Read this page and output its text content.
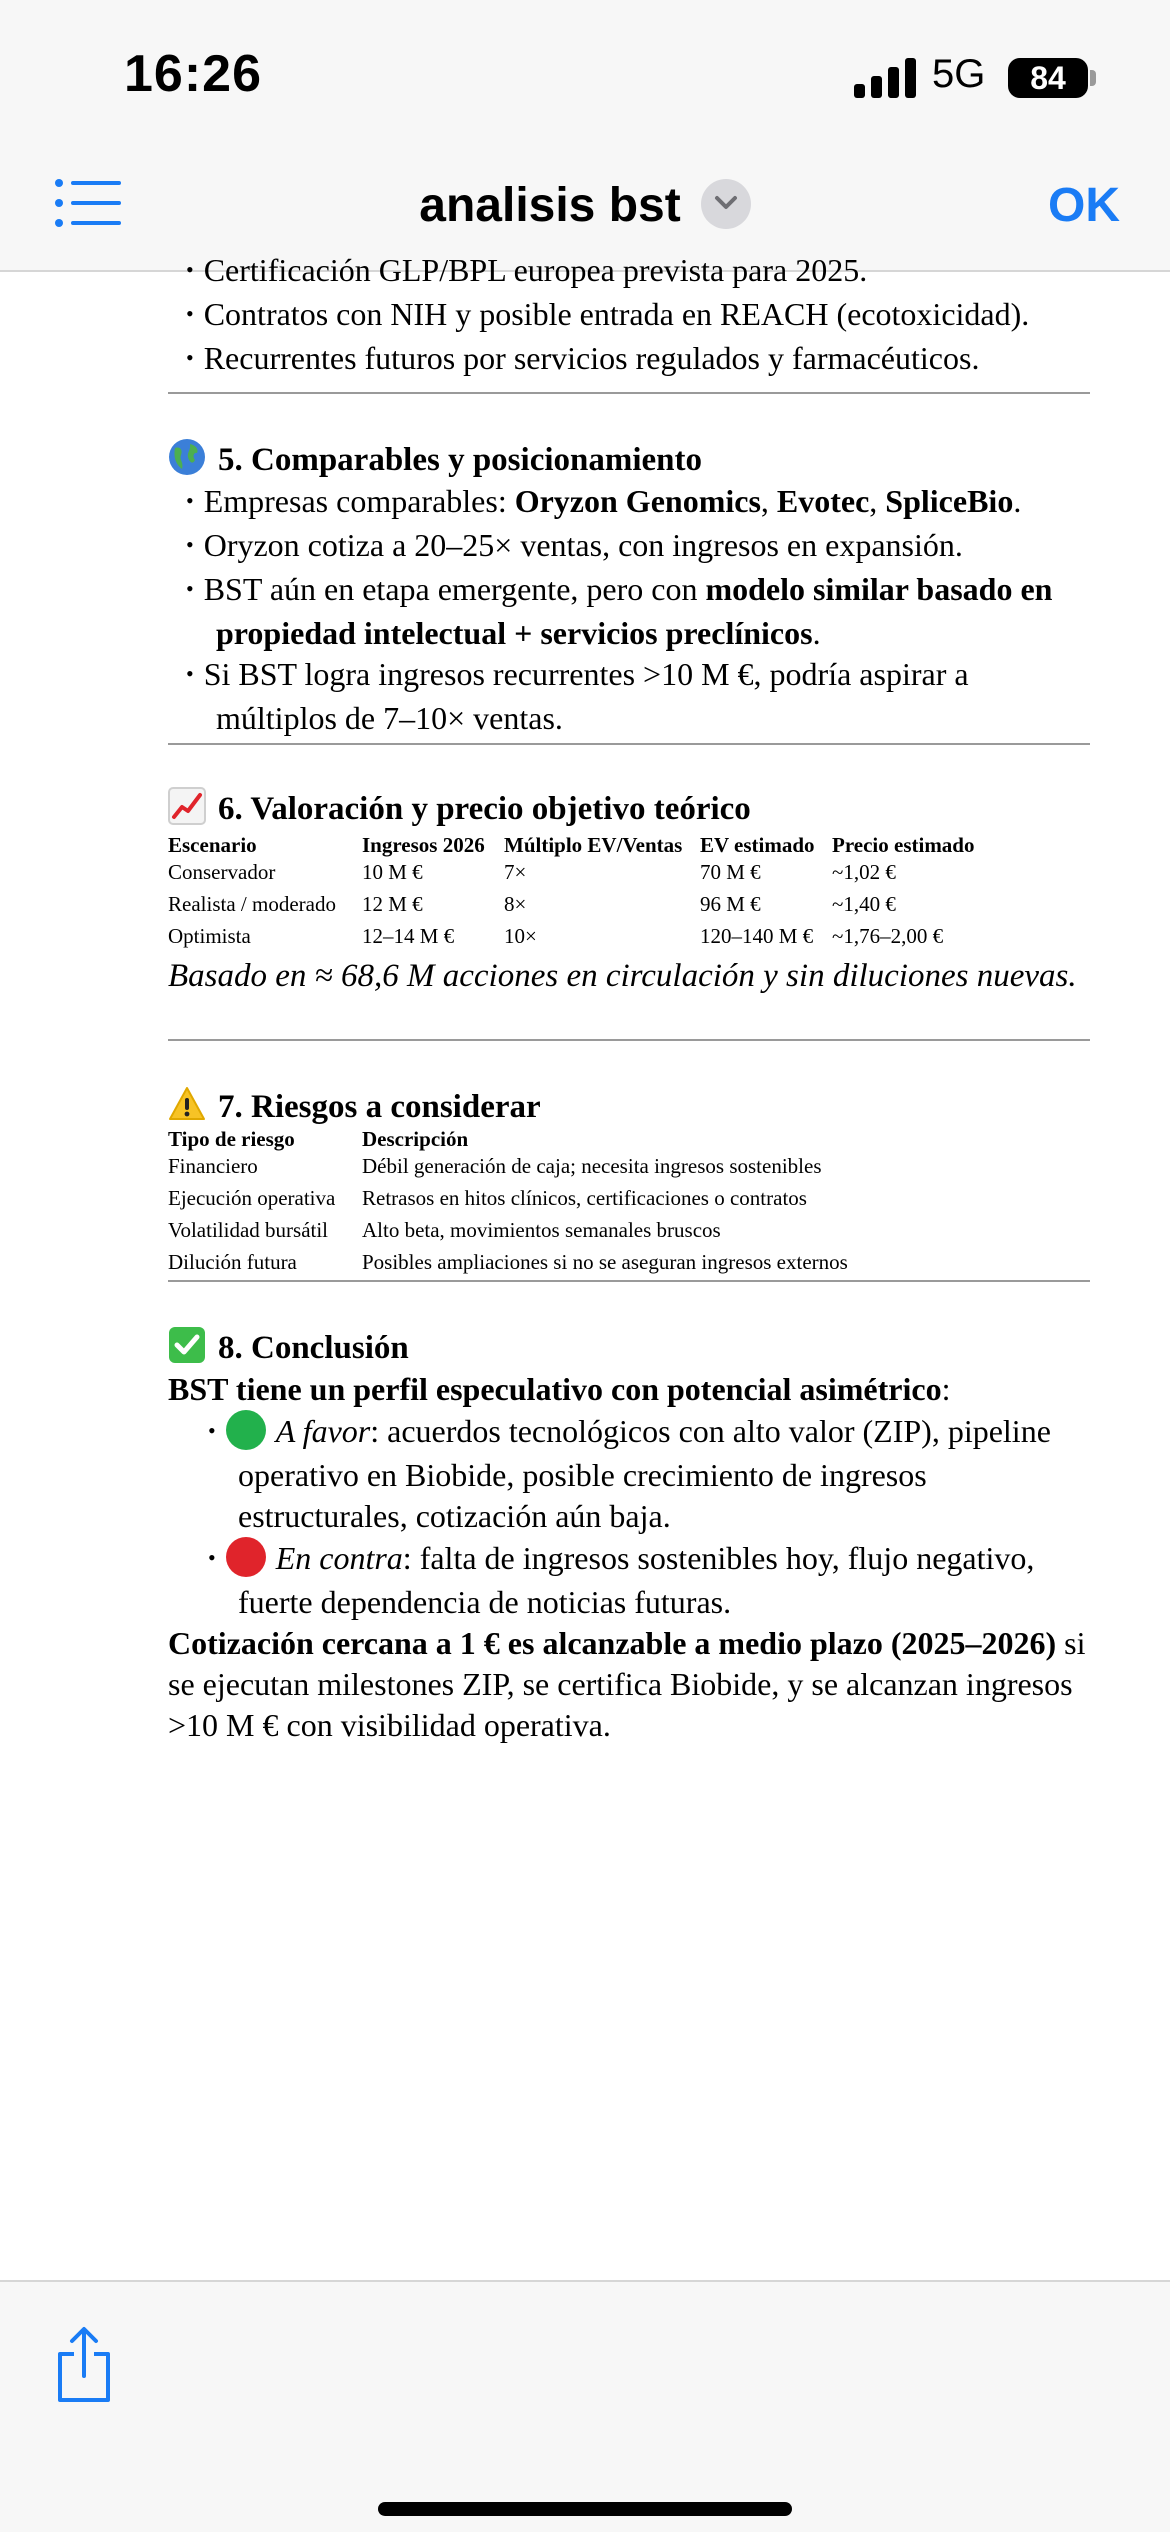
16:26	5G	84
analisis bst	OK
• Certificación GLP/BPL europea prevista para 2025.
• Contratos con NIH y posible entrada en REACH (ecotoxicidad).
• Recurrentes futuros por servicios regulados y farmacéuticos.
5. Comparables y posicionamiento
• Empresas comparables: Oryzon Genomics, Evotec, SpliceBio.
• Oryzon cotiza a 20–25× ventas, con ingresos en expansión.
• BST aún en etapa emergente, pero con modelo similar basado en propiedad intelectual + servicios preclínicos.
• Si BST logra ingresos recurrentes >10 M €, podría aspirar a múltiplos de 7–10× ventas.
6. Valoración y precio objetivo teórico
Escenario	Ingresos 2026	Múltiplo EV/Ventas	EV estimado	Precio estimado
Conservador	10 M €	7×	70 M €	~1,02 €
Realista / moderado	12 M €	8×	96 M €	~1,40 €
Optimista	12–14 M €	10×	120–140 M €	~1,76–2,00 €

Basado en ≈ 68,6 M acciones en circulación y sin diluciones nuevas.

7. Riesgos a considerar
Tipo de riesgo	Descripción
Financiero	Débil generación de caja; necesita ingresos sostenibles
Ejecución operativa	Retrasos en hitos clínicos, certificaciones o contratos
Volatilidad bursátil	Alto beta, movimientos semanales bruscos
Dilución futura	Posibles ampliaciones si no se aseguran ingresos externos
8. Conclusión

BST tiene un perfil especulativo con potencial asimétrico:

• A favor: acuerdos tecnológicos con alto valor (ZIP), pipeline operativo en Biobide, posible crecimiento de ingresos estructurales, cotización aún baja.
• En contra: falta de ingresos sostenibles hoy, flujo negativo, fuerte dependencia de noticias futuras.

Cotización cercana a 1 € es alcanzable a medio plazo (2025–2026) si se ejecutan milestones ZIP, se certifica Biobide, y se alcanzan ingresos >10 M € con visibilidad operativa.
